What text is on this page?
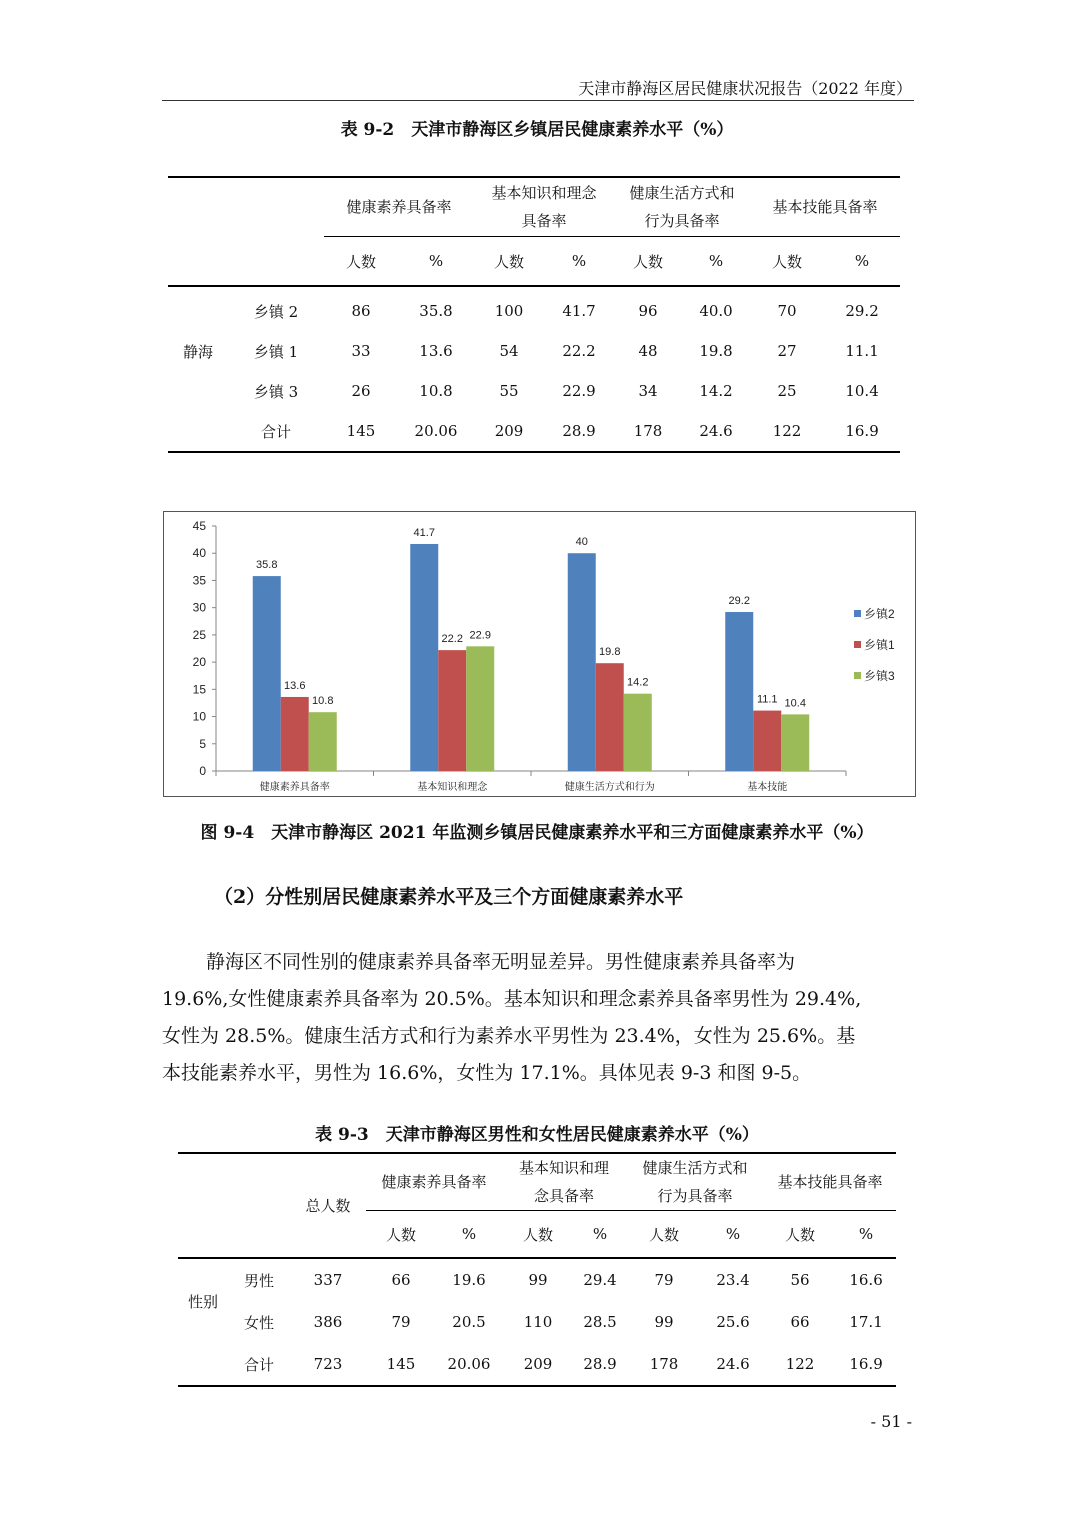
天津市静海区居民健康状况报告（2022 年度）
表 9-2　天津市静海区乡镇居民健康素养水平（%）
		健康素养具备率		基本知识和理念
具备率		健康生活方式和
行为具备率		基本技能具备率	
		人数	%	人数	%	人数	%	人数	%
静海	乡镇 2	86	35.8	100	41.7	96	40.0	70	29.2
	乡镇 1	33	13.6	54	22.2	48	19.8	27	11.1
	乡镇 3	26	10.8	55	22.9	34	14.2	25	10.4
	合计	145	20.06	209	28.9	178	24.6	122	16.9
0
5
10
15
20
25
30
35
40
45
健康素养具备率	基本知识和理念	健康生活方式和行为	基本技能
35.8
41.7
40
29.2
13.6
22.2
19.8
11.1
10.8
22.9
14.2
10.4
乡镇2
乡镇1
乡镇3
图 9-4　天津市静海区 2021 年监测乡镇居民健康素养水平和三方面健康素养水平（%）
（2）分性别居民健康素养水平及三个方面健康素养水平
静海区不同性别的健康素养具备率无明显差异。男性健康素养具备率为
19.6%,女性健康素养具备率为 20.5%。基本知识和理念素养具备率男性为 29.4%,
女性为 28.5%。健康生活方式和行为素养水平男性为 23.4%，女性为 25.6%。基
本技能素养水平，男性为 16.6%，女性为 17.1%。具体见表 9-3 和图 9-5。
表 9-3　天津市静海区男性和女性居民健康素养水平（%）
		总人数	健康素养具备率		基本知识和理
念具备率		健康生活方式和
行为具备率		基本技能具备率	
			人数	%	人数	%	人数	%	人数	%
性别	男性	337	66	19.6	99	29.4	79	23.4	56	16.6
	女性	386	79	20.5	110	28.5	99	25.6	66	17.1
	合计	723	145	20.06	209	28.9	178	24.6	122	16.9
- 51 -
